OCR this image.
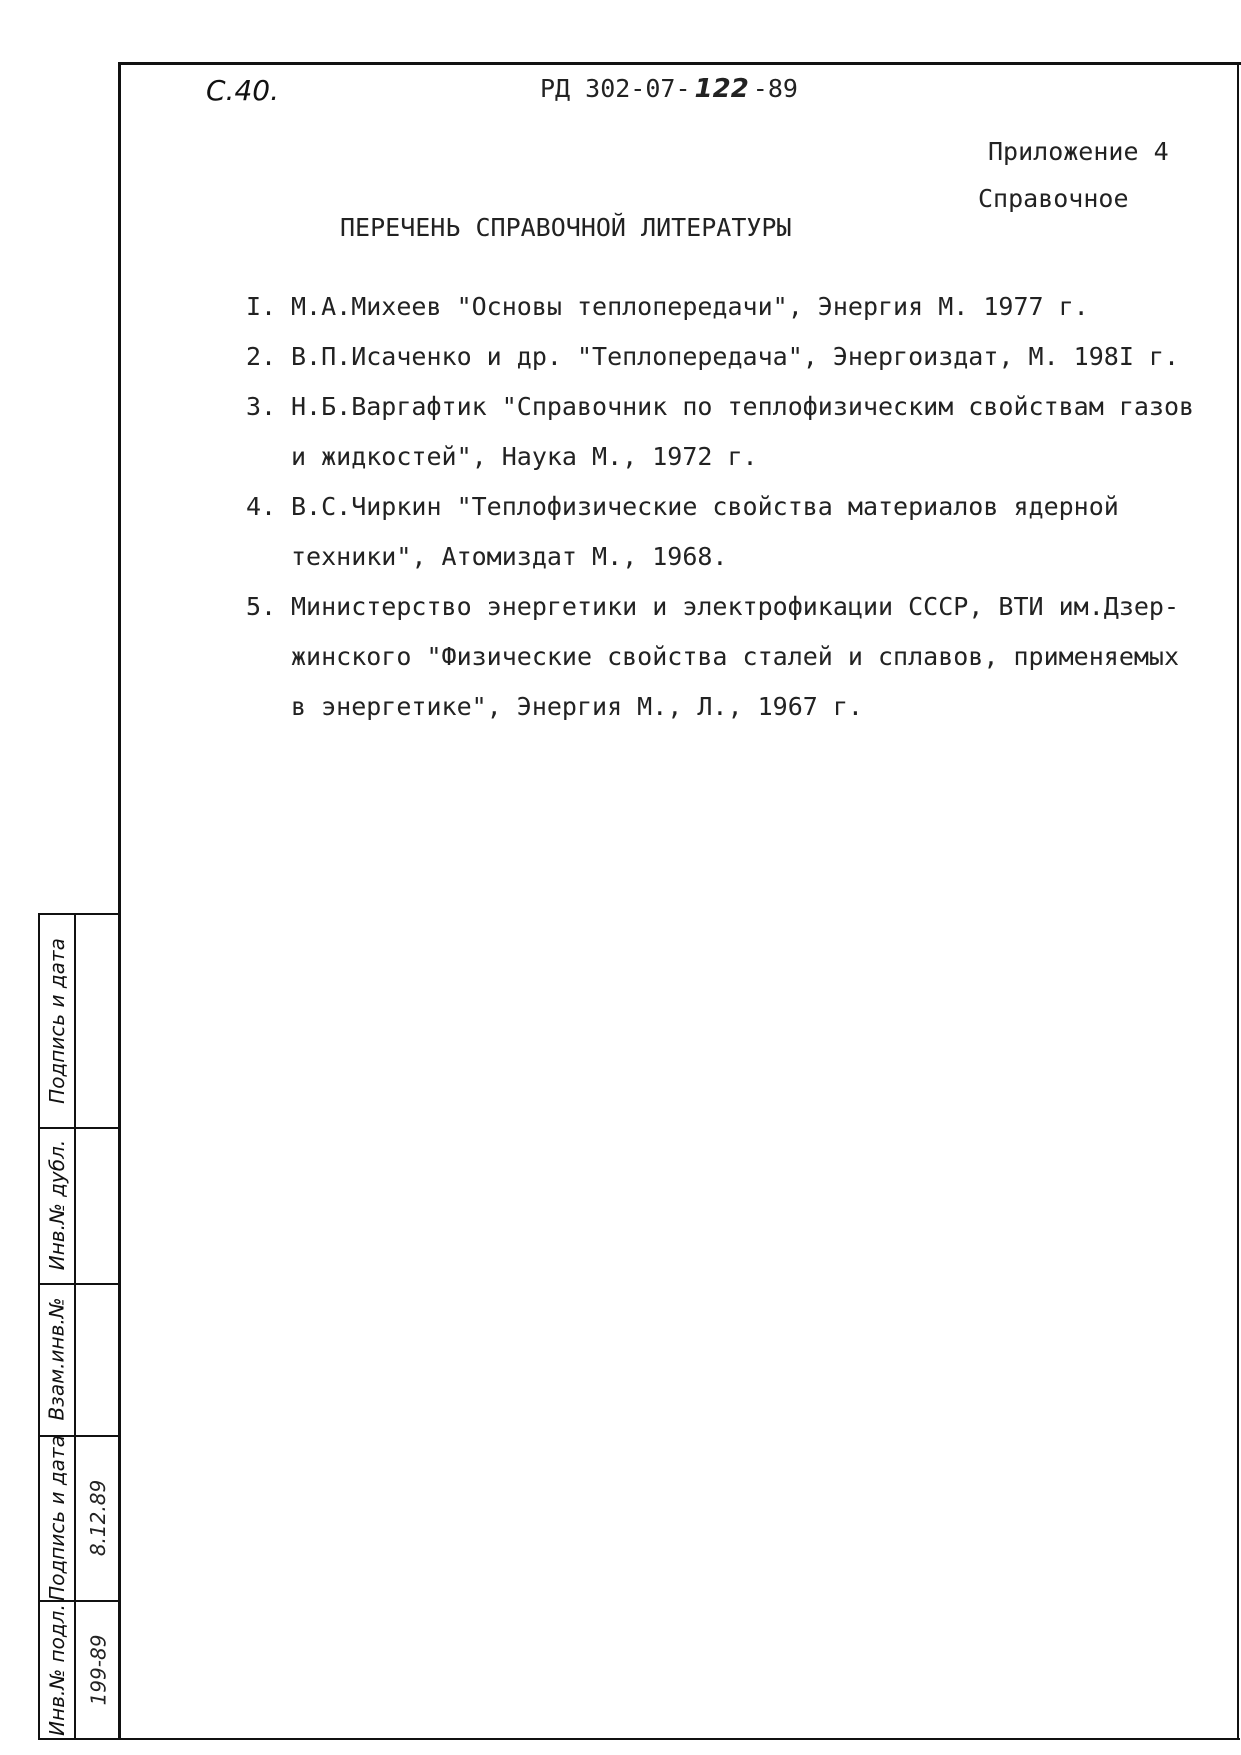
С.40.	РД 302-07- 122 -89
Приложение 4
Справочное
ПЕРЕЧЕНЬ СПРАВОЧНОЙ ЛИТЕРАТУРЫ
I. М.А.Михеев "Основы теплопередачи", Энергия М. 1977 г.
2. В.П.Исаченко и др. "Теплопередача", Энергоиздат, М. 198I г.
3. Н.Б.Варгафтик "Справочник по теплофизическим свойствам газов
и жидкостей", Наука М., 1972 г.
4. В.С.Чиркин "Теплофизические свойства материалов ядерной
техники", Атомиздат М., 1968.
5. Министерство энергетики и электрофикации СССР, ВТИ им.Дзер-
жинского "Физические свойства сталей и сплавов, применяемых
в энергетике", Энергия М., Л., 1967 г.
Подпись и дата
Инв.№ дубл.
Взам.инв.№
Подпись и дата
Инв.№ подл.
8.12.89
199-89
